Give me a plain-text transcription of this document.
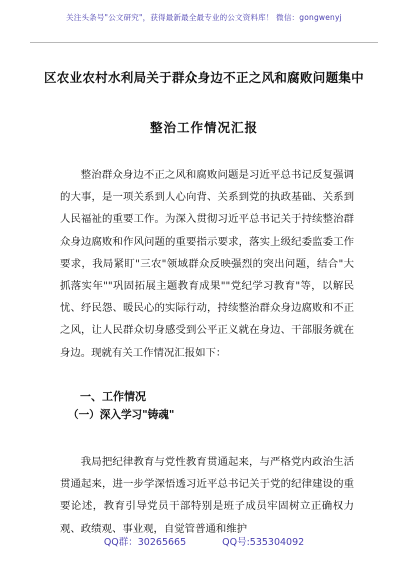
关注头条号"公文研究"，获得最新最全最专业的公文资料库！ 微信：gongwenyj
区农业农村水利局关于群众身边不正之风和腐败问题集中
整治工作情况汇报
整治群众身边不正之风和腐败问题是习近平总书记反复强调的大事，是一项关系到人心向背、关系到党的执政基础、关系到人民福祉的重要工作。为深入贯彻习近平总书记关于持续整治群众身边腐败和作风问题的重要指示要求，落实上级纪委监委工作要求，我局紧盯"三农"领域群众反映强烈的突出问题，结合"大抓落实年""巩固拓展主题教育成果""党纪学习教育"等，以解民忧、纾民怨、暖民心的实际行动，持续整治群众身边腐败和不正之风，让人民群众切身感受到公平正义就在身边、干部服务就在身边。现就有关工作情况汇报如下：
一、工作情况
（一）深入学习"铸魂"
我局把纪律教育与党性教育贯通起来，与严格党内政治生活贯通起来，进一步学深悟透习近平总书记关于党的纪律建设的重要论述，教育引导党员干部特别是班子成员牢固树立正确权力观、政绩观、事业观，自觉管普通和维护
QQ群：30265665	QQ号:535304092
